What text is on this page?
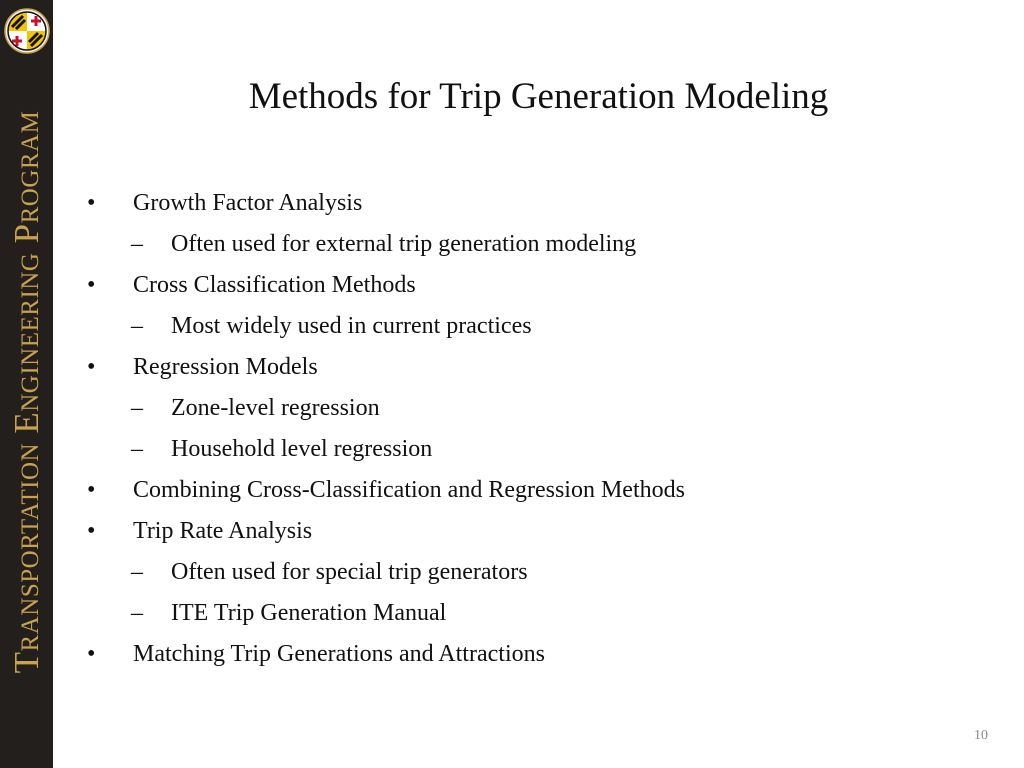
Transportation Engineering Program
Methods for Trip Generation Modeling
•	Growth Factor Analysis
– Often used for external trip generation modeling
•	Cross Classification Methods
– Most widely used in current practices
•	Regression Models
– Zone-level regression
– Household level regression
•	Combining Cross-Classification and Regression Methods
•	Trip Rate Analysis
– Often used for special trip generators
– ITE Trip Generation Manual
•	Matching Trip Generations and Attractions
10
